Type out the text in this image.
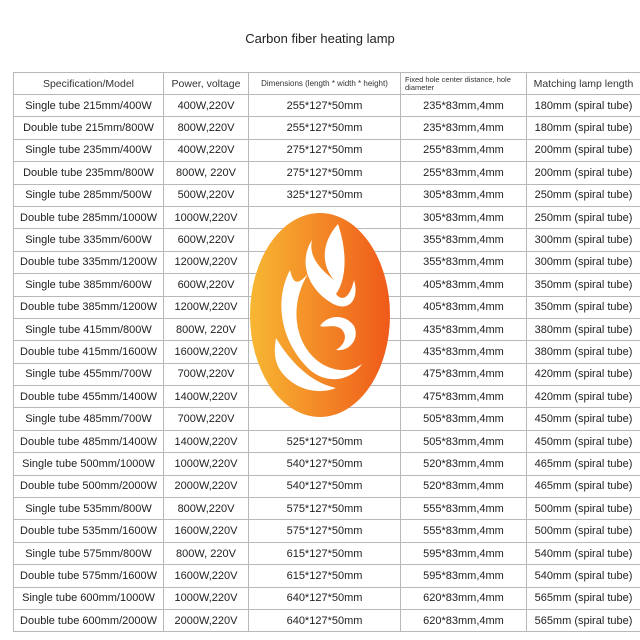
Carbon fiber heating lamp
Specification/Model	Power, voltage	Dimensions (length * width * height)	Fixed hole center distance, hole diameter	Matching lamp length
Single tube 215mm/400W	400W,220V	255*127*50mm	235*83mm,4mm	180mm (spiral tube)
Double tube 215mm/800W	800W,220V	255*127*50mm	235*83mm,4mm	180mm (spiral tube)
Single tube 235mm/400W	400W,220V	275*127*50mm	255*83mm,4mm	200mm (spiral tube)
Double tube 235mm/800W	800W, 220V	275*127*50mm	255*83mm,4mm	200mm (spiral tube)
Single tube 285mm/500W	500W,220V	325*127*50mm	305*83mm,4mm	250mm (spiral tube)
Double tube 285mm/1000W	1000W,220V		305*83mm,4mm	250mm (spiral tube)
Single tube 335mm/600W	600W,220V		355*83mm,4mm	300mm (spiral tube)
Double tube 335mm/1200W	1200W,220V		355*83mm,4mm	300mm (spiral tube)
Single tube 385mm/600W	600W,220V		405*83mm,4mm	350mm (spiral tube)
Double tube 385mm/1200W	1200W,220V		405*83mm,4mm	350mm (spiral tube)
Single tube 415mm/800W	800W, 220V		435*83mm,4mm	380mm (spiral tube)
Double tube 415mm/1600W	1600W,220V		435*83mm,4mm	380mm (spiral tube)
Single tube 455mm/700W	700W,220V		475*83mm,4mm	420mm (spiral tube)
Double tube 455mm/1400W	1400W,220V		475*83mm,4mm	420mm (spiral tube)
Single tube 485mm/700W	700W,220V		505*83mm,4mm	450mm (spiral tube)
Double tube 485mm/1400W	1400W,220V	525*127*50mm	505*83mm,4mm	450mm (spiral tube)
Single tube 500mm/1000W	1000W,220V	540*127*50mm	520*83mm,4mm	465mm (spiral tube)
Double tube 500mm/2000W	2000W,220V	540*127*50mm	520*83mm,4mm	465mm (spiral tube)
Single tube 535mm/800W	800W,220V	575*127*50mm	555*83mm,4mm	500mm (spiral tube)
Double tube 535mm/1600W	1600W,220V	575*127*50mm	555*83mm,4mm	500mm (spiral tube)
Single tube 575mm/800W	800W, 220V	615*127*50mm	595*83mm,4mm	540mm (spiral tube)
Double tube 575mm/1600W	1600W,220V	615*127*50mm	595*83mm,4mm	540mm (spiral tube)
Single tube 600mm/1000W	1000W,220V	640*127*50mm	620*83mm,4mm	565mm (spiral tube)
Double tube 600mm/2000W	2000W,220V	640*127*50mm	620*83mm,4mm	565mm (spiral tube)
